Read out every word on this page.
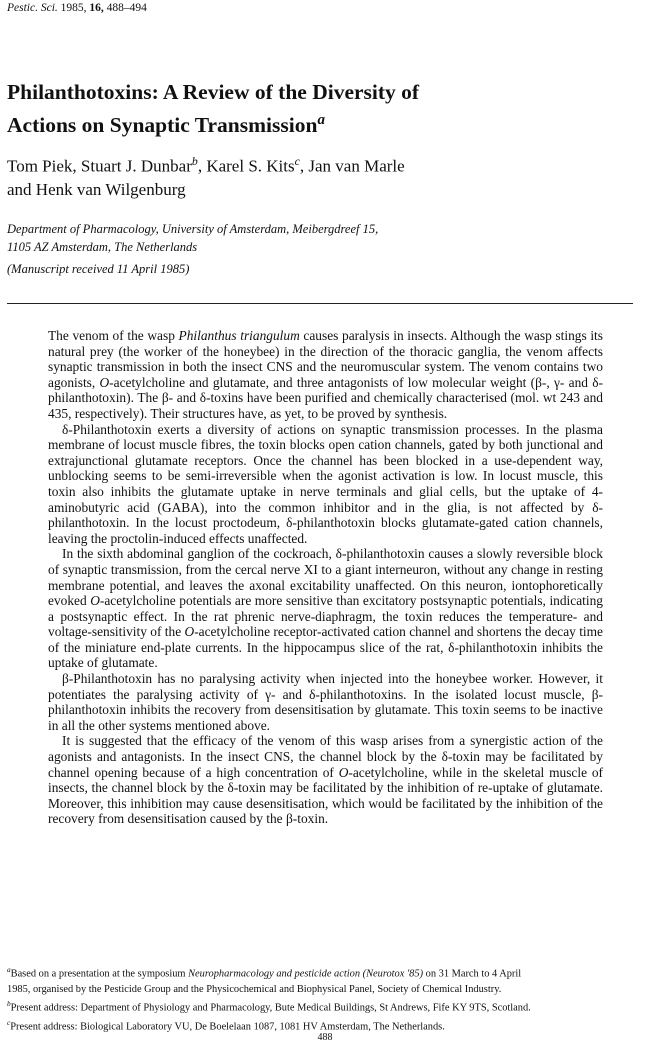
Pestic. Sci. 1985, 16, 488–494
Philanthotoxins: A Review of the Diversity of
Actions on Synaptic Transmission$^a$
Tom Piek, Stuart J. Dunbar$^b$, Karel S. Kits$^c$, Jan van Marle
and Henk van Wilgenburg
Department of Pharmacology, University of Amsterdam, Meibergdreef 15,
1105 AZ Amsterdam, The Netherlands
(Manuscript received 11 April 1985)

The venom of the wasp Philanthus triangulum causes paralysis in insects. Although the wasp stings its natural prey (the worker of the honeybee) in the direction of the thoracic ganglia, the venom affects synaptic transmission in both the insect CNS and the neuromuscular system. The venom contains two agonists, O-acetylcholine and glutamate, and three antagonists of low molecular weight (β-, γ- and δ-philanthotoxin). The β- and δ-toxins have been purified and chemically characterised (mol. wt 243 and 435, respectively). Their structures have, as yet, to be proved by synthesis.

δ-Philanthotoxin exerts a diversity of actions on synaptic transmission processes. In the plasma membrane of locust muscle fibres, the toxin blocks open cation channels, gated by both junctional and extrajunctional glutamate receptors. Once the channel has been blocked in a use-dependent way, unblocking seems to be semi-irreversible when the agonist activation is low. In locust muscle, this toxin also inhibits the glutamate uptake in nerve terminals and glial cells, but the uptake of 4-aminobutyric acid (GABA), into the common inhibitor and in the glia, is not affected by δ-philanthotoxin. In the locust proctodeum, δ-philanthotoxin blocks glutamate-gated cation channels, leaving the proctolin-induced effects unaffected.

In the sixth abdominal ganglion of the cockroach, δ-philanthotoxin causes a slowly reversible block of synaptic transmission, from the cercal nerve XI to a giant interneuron, without any change in resting membrane potential, and leaves the axonal excitability unaffected. On this neuron, iontophoretically evoked O-acetylcholine potentials are more sensitive than excitatory postsynaptic potentials, indicating a postsynaptic effect. In the rat phrenic nerve-diaphragm, the toxin reduces the temperature- and voltage-sensitivity of the O-acetylcholine receptor-activated cation channel and shortens the decay time of the miniature end-plate currents. In the hippocampus slice of the rat, δ-philanthotoxin inhibits the uptake of glutamate.

β-Philanthotoxin has no paralysing activity when injected into the honeybee worker. However, it potentiates the paralysing activity of γ- and δ-philanthotoxins. In the isolated locust muscle, β-philanthotoxin inhibits the recovery from desensitisation by glutamate. This toxin seems to be inactive in all the other systems mentioned above.

It is suggested that the efficacy of the venom of this wasp arises from a synergistic action of the agonists and antagonists. In the insect CNS, the channel block by the δ-toxin may be facilitated by channel opening because of a high concentration of O-acetylcholine, while in the skeletal muscle of insects, the channel block by the δ-toxin may be facilitated by the inhibition of re-uptake of glutamate. Moreover, this inhibition may cause desensitisation, which would be facilitated by the inhibition of the recovery from desensitisation caused by the β-toxin.

$^a$Based on a presentation at the symposium Neuropharmacology and pesticide action (Neurotox '85) on 31 March to 4 April
1985, organised by the Pesticide Group and the Physicochemical and Biophysical Panel, Society of Chemical Industry.
$^b$Present address: Department of Physiology and Pharmacology, Bute Medical Buildings, St Andrews, Fife KY 9TS, Scotland.
$^c$Present address: Biological Laboratory VU, De Boelelaan 1087, 1081 HV Amsterdam, The Netherlands.
488
